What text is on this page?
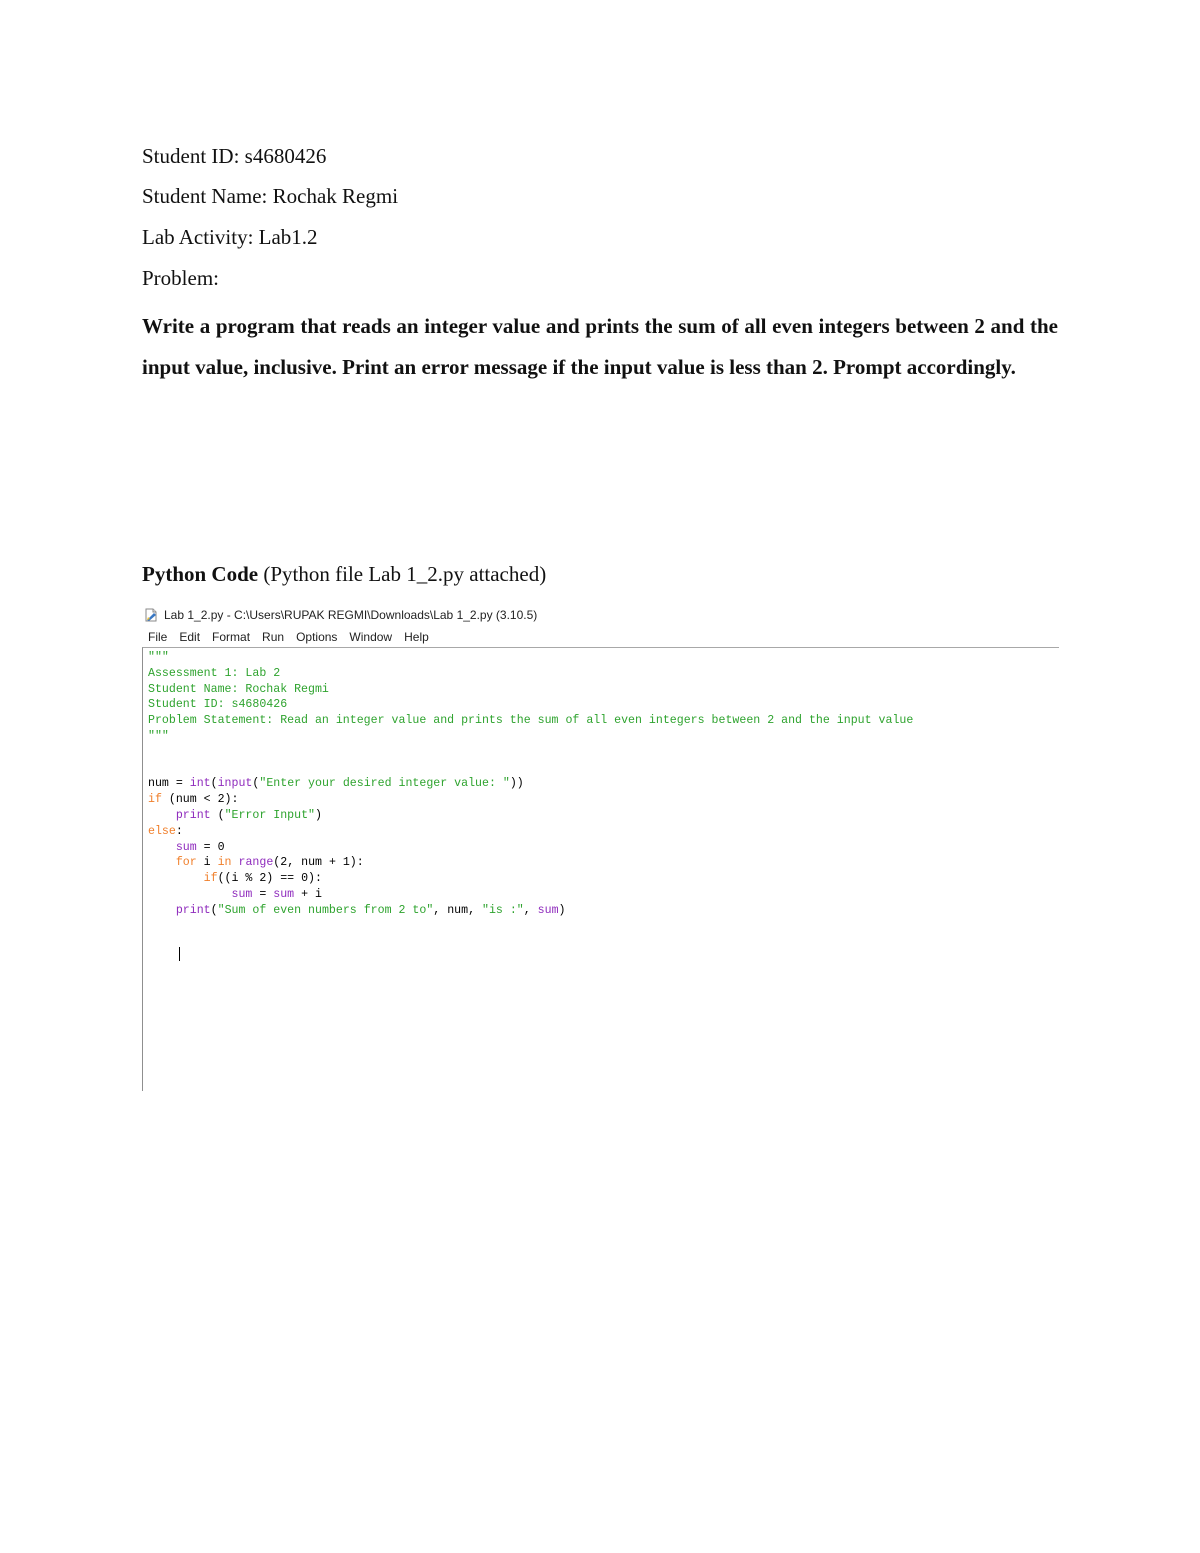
Student ID: s4680426
Student Name: Rochak Regmi
Lab Activity: Lab1.2
Problem:
Write a program that reads an integer value and prints the sum of all even integers between 2 and the input value, inclusive. Print an error message if the input value is less than 2. Prompt accordingly.
Python Code (Python file Lab 1_2.py attached)
Lab 1_2.py - C:\Users\RUPAK REGMI\Downloads\Lab 1_2.py (3.10.5)
File Edit Format Run Options Window Help
"""
Assessment 1: Lab 2
Student Name: Rochak Regmi
Student ID: s4680426
Problem Statement: Read an integer value and prints the sum of all even integers between 2 and the input value
"""
num = int(input("Enter your desired integer value: "))
if (num < 2):
print ("Error Input")
else:
sum = 0
for i in range(2, num + 1):
if((i % 2) == 0):
sum = sum + i
print("Sum of even numbers from 2 to", num, "is :", sum)
